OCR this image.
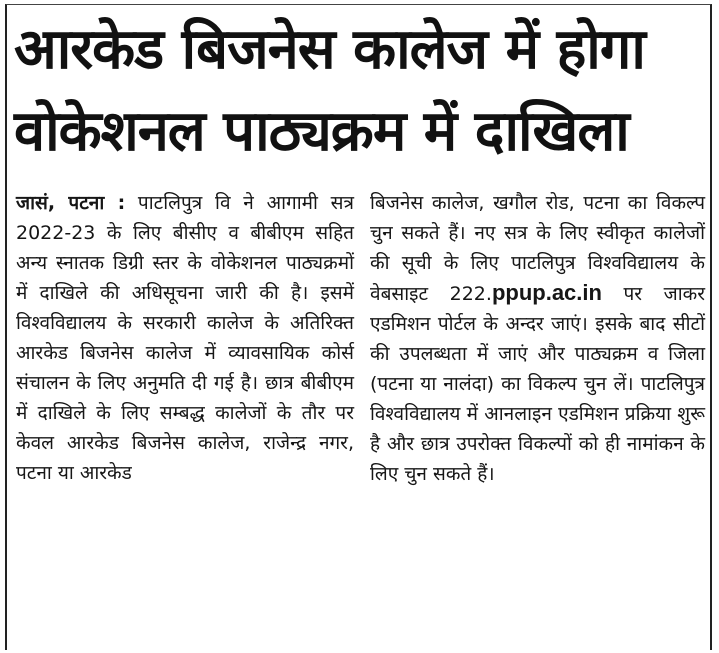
आरकेड बिजनेस कालेज में होगा
वोकेशनल पाठ्यक्रम में दाखिला

जासं, पटना : पाटलिपुत्र वि ने आगामी सत्र 2022-23 के लिए बीसीए व बीबीएम सहित अन्य स्नातक डिग्री स्तर के वोकेशनल पाठ्यक्रमों में दाखिले की अधिसूचना जारी की है। इसमें विश्वविद्यालय के सरकारी कालेज के अतिरिक्त आरकेड बिजनेस कालेज में व्यावसायिक कोर्स संचालन के लिए अनुमति दी गई है। छात्र बीबीएम में दाखिले के लिए सम्बद्ध कालेजों के तौर पर केवल आरकेड बिजनेस कालेज, राजेन्द्र नगर, पटना या आरकेड

बिजनेस कालेज, खगौल रोड, पटना का विकल्प चुन सकते हैं। नए सत्र के लिए स्वीकृत कालेजों की सूची के लिए पाटलिपुत्र विश्वविद्यालय के वेबसाइट 222.ppup.ac.in पर जाकर एडमिशन पोर्टल के अन्दर जाएं। इसके बाद सीटों की उपलब्धता में जाएं और पाठ्यक्रम व जिला (पटना या नालंदा) का विकल्प चुन लें। पाटलिपुत्र विश्वविद्यालय में आनलाइन एडमिशन प्रक्रिया शुरू है और छात्र उपरोक्त विकल्पों को ही नामांकन के लिए चुन सकते हैं।
